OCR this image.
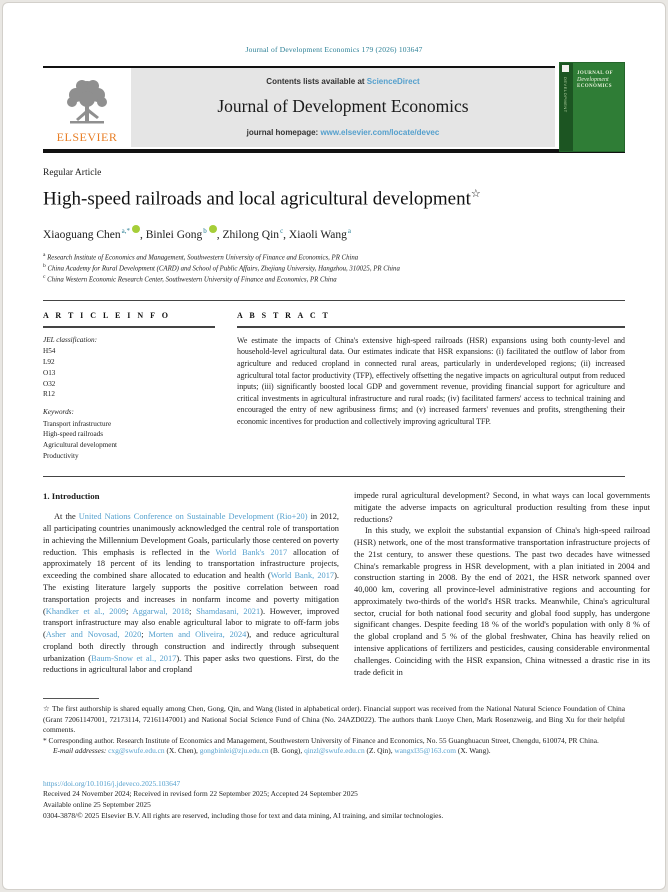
Journal of Development Economics 179 (2026) 103647
ELSEVIER
Contents lists available at ScienceDirect
Journal of Development Economics
journal homepage: www.elsevier.com/locate/devec
DEVELOPMENT
JOURNAL OF
Development
ECONOMICS
Regular Article
High-speed railroads and local agricultural development☆
Xiaoguang Chen$^{a,*}$ , Binlei Gong$^b$ , Zhilong Qin$^c$, Xiaoli Wang$^a$
$^a$ Research Institute of Economics and Management, Southwestern University of Finance and Economics, PR China
$^b$ China Academy for Rural Development (CARD) and School of Public Affairs, Zhejiang University, Hangzhou, 310025, PR China
$^c$ China Western Economic Research Center, Southwestern University of Finance and Economics, PR China
A R T I C L E I N F O
JEL classification:
H54
L92
O13
O32
R12
Keywords:
Transport infrastructure
High-speed railroads
Agricultural development
Productivity
A B S T R A C T
We estimate the impacts of China's extensive high-speed railroads (HSR) expansions using both county-level and household-level agricultural data. Our estimates indicate that HSR expansions: (i) facilitated the outflow of labor from agriculture and reduced cropland in connected rural areas, particularly in underdeveloped regions; (ii) increased agricultural total factor productivity (TFP), effectively offsetting the negative impacts on agricultural output from reduced inputs; (iii) significantly boosted local GDP and government revenue, providing financial support for agriculture and critical investments in agricultural infrastructure and rural roads; (iv) facilitated farmers' access to technical training and encouraged the entry of new agribusiness firms; and (v) increased farmers' revenues and profits, strengthening their economic incentives for production and collectively improving agricultural TFP.
1. Introduction
At the United Nations Conference on Sustainable Development (Rio+20) in 2012, all participating countries unanimously acknowledged the central role of transportation in achieving the Millennium Development Goals, particularly those centered on poverty reduction. This emphasis is reflected in the World Bank's 2017 allocation of approximately 18 percent of its lending to transportation infrastructure projects, exceeding the combined share allocated to education and health (World Bank, 2017). The existing literature largely supports the positive correlation between road transportation projects and increases in nonfarm income and poverty mitigation (Khandker et al., 2009; Aggarwal, 2018; Shamdasani, 2021). However, improved transport infrastructure may also enable agricultural labor to migrate to off-farm jobs (Asher and Novosad, 2020; Morten and Oliveira, 2024), and reduce agricultural cropland both directly through construction and indirectly through subsequent urbanization (Baum-Snow et al., 2017). This paper asks two questions. First, do the reductions in agricultural labor and cropland
impede rural agricultural development? Second, in what ways can local governments mitigate the adverse impacts on agricultural production resulting from these input reductions?
In this study, we exploit the substantial expansion of China's high-speed railroad (HSR) network, one of the most transformative transportation infrastructure projects of the 21st century, to answer these questions. The past two decades have witnessed China's remarkable progress in HSR development, with a plan initiated in 2004 and construction starting in 2008. By the end of 2021, the HSR network spanned over 40,000 km, covering all province-level administrative regions and accounting for approximately two-thirds of the world's HSR tracks. Meanwhile, China's agricultural sector, crucial for both national food security and global food supply, has undergone significant changes. Despite feeding 18 % of the world's population with only 8 % of the global cropland and 5 % of the global freshwater, China has heavily relied on intensive applications of fertilizers and pesticides, causing considerable environmental challenges. Coinciding with the HSR expansion, China witnessed a drastic rise in its trade deficit in
☆ The first authorship is shared equally among Chen, Gong, Qin, and Wang (listed in alphabetical order). Financial support was received from the National Natural Science Foundation of China (Grant 72061147001, 72173114, 72161147001) and National Social Science Fund of China (No. 24AZD022). The authors thank Luoye Chen, Mark Rosenzweig, and Bing Xu for their helpful comments.
* Corresponding author. Research Institute of Economics and Management, Southwestern University of Finance and Economics, No. 55 Guanghuacun Street, Chengdu, 610074, PR China.
E-mail addresses: cxg@swufe.edu.cn (X. Chen), gongbinlei@zju.edu.cn (B. Gong), qinzl@swufe.edu.cn (Z. Qin), wangxl35@163.com (X. Wang).
https://doi.org/10.1016/j.jdeveco.2025.103647
Received 24 November 2024; Received in revised form 22 September 2025; Accepted 24 September 2025
Available online 25 September 2025
0304-3878/© 2025 Elsevier B.V. All rights are reserved, including those for text and data mining, AI training, and similar technologies.
